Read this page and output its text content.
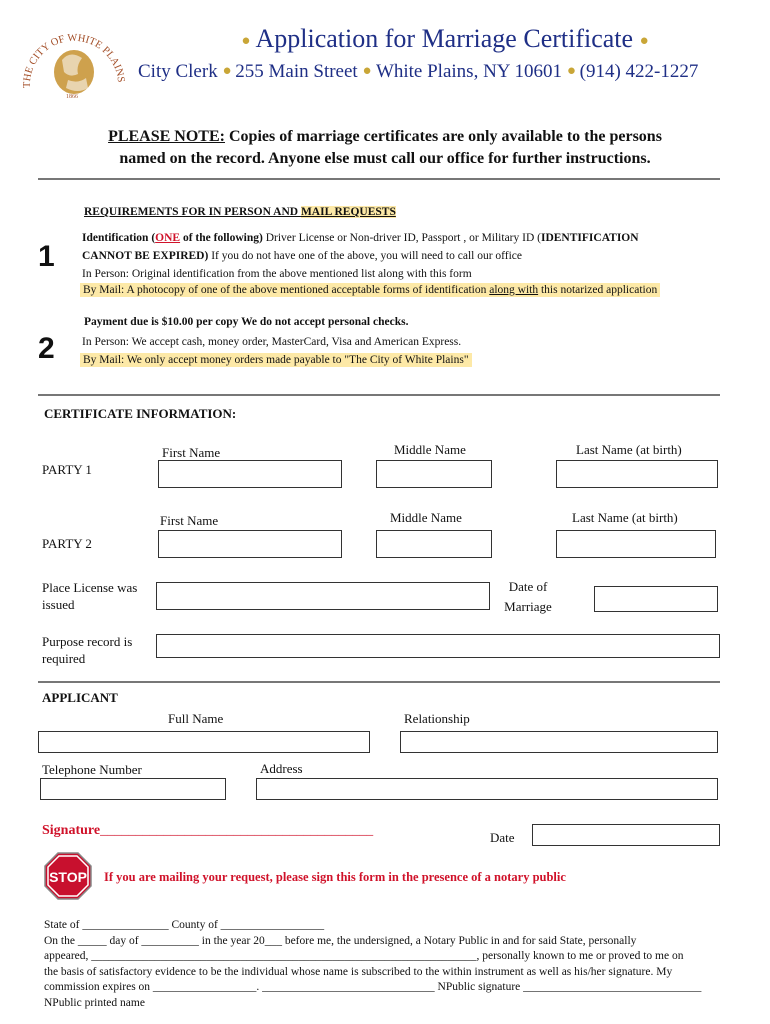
THE CITY OF WHITE PLAINS
1866
● Application for Marriage Certificate ●
City Clerk ● 255 Main Street ● White Plains, NY 10601 ● (914) 422-1227
PLEASE NOTE: Copies of marriage certificates are only available to the persons
named on the record. Anyone else must call our office for further instructions.
REQUIREMENTS FOR IN PERSON AND MAIL REQUESTS
1
Identification (ONE of the following) Driver License or Non-driver ID, Passport , or Military ID (IDENTIFICATION
CANNOT BE EXPIRED) If you do not have one of the above, you will need to call our office
In Person: Original identification from the above mentioned list along with this form
By Mail: A photocopy of one of the above mentioned acceptable forms of identification along with this notarized application
Payment due is $10.00 per copy We do not accept personal checks.
2 In Person: We accept cash, money order, MasterCard, Visa and American Express.
By Mail: We only accept money orders made payable to "The City of White Plains"
CERTIFICATE INFORMATION:
First Name	Middle Name	Last Name (at birth)
PARTY 1
First Name	Middle Name	Last Name (at birth)
PARTY 2
Place License was
issued
Date of
Marriage
Purpose record is
required
APPLICANT
Full Name	Relationship
Telephone Number	Address
Signature_______________________________________	Date
STOP If you are mailing your request, please sign this form in the presence of a notary public
State of _______________ County of __________________
On the _____ day of __________ in the year 20___ before me, the undersigned, a Notary Public in and for said State, personally
appeared, ___________________________________________________________________, personally known to me or proved to me on
the basis of satisfactory evidence to be the individual whose name is subscribed to the within instrument as well as his/her signature. My
commission expires on __________________. ______________________________ NPublic signature _______________________________
NPublic printed name
